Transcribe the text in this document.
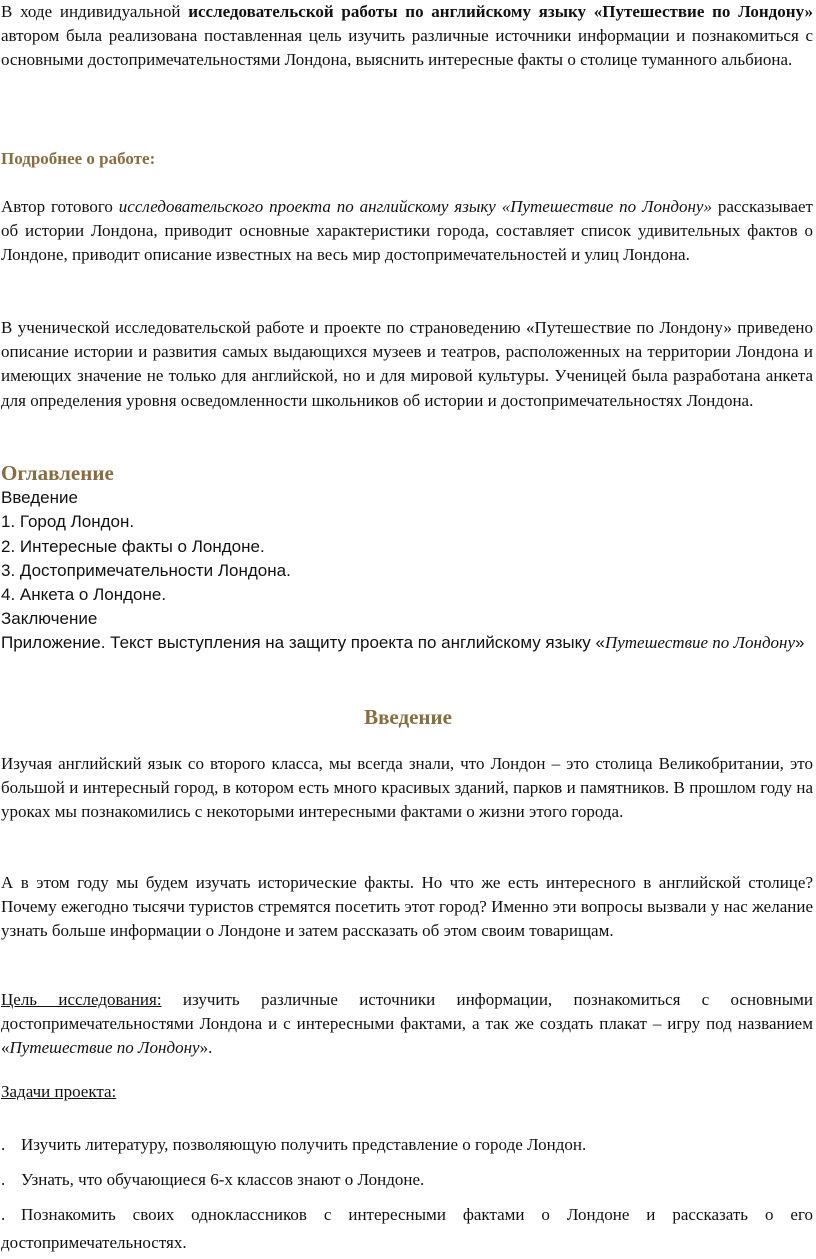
В ходе индивидуальной исследовательской работы по английскому языку «Путешествие по Лондону» автором была реализована поставленная цель изучить различные источники информации и познакомиться с основными достопримечательностями Лондона, выяснить интересные факты о столице туманного альбиона.

Подробнее о работе:

Автор готового исследовательского проекта по английскому языку «Путешествие по Лондону» рассказывает об истории Лондона, приводит основные характеристики города, составляет список удивительных фактов о Лондоне, приводит описание известных на весь мир достопримечательностей и улиц Лондона.

В ученической исследовательской работе и проекте по страноведению «Путешествие по Лондону» приведено описание истории и развития самых выдающихся музеев и театров, расположенных на территории Лондона и имеющих значение не только для английской, но и для мировой культуры. Ученицей была разработана анкета для определения уровня осведомленности школьников об истории и достопримечательностях Лондона.

Оглавление

Введение

1. Город Лондон.

2. Интересные факты о Лондоне.

3. Достопримечательности Лондона.

4. Анкета о Лондоне.

Заключение

Приложение. Текст выступления на защиту проекта по английскому языку «Путешествие по Лондону»

Введение

Изучая английский язык со второго класса, мы всегда знали, что Лондон – это столица Великобритании, это большой и интересный город, в котором есть много красивых зданий, парков и памятников. В прошлом году на уроках мы познакомились с некоторыми интересными фактами о жизни этого города.

А в этом году мы будем изучать исторические факты. Но что же есть интересного в английской столице? Почему ежегодно тысячи туристов стремятся посетить этот город? Именно эти вопросы вызвали у нас желание узнать больше информации о Лондоне и затем рассказать об этом своим товарищам.

Цель исследования: изучить различные источники информации, познакомиться с основными достопримечательностями Лондона и с интересными фактами, а так же создать плакат – игру под названием «Путешествие по Лондону».

Задачи проекта:

. Изучить литературу, позволяющую получить представление о городе Лондон.

. Узнать, что обучающиеся 6-х классов знают о Лондоне.

. Познакомить своих одноклассников с интересными фактами о Лондоне и рассказать о его достопримечательностях.
